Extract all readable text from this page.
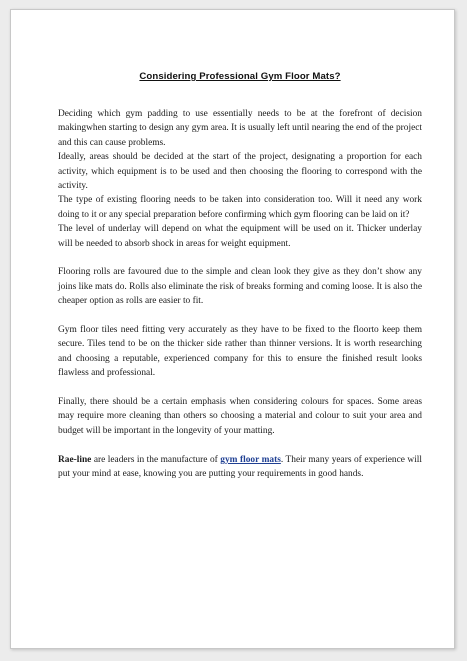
Considering Professional Gym Floor Mats?

Deciding which gym padding to use essentially needs to be at the forefront of decision makingwhen starting to design any gym area. It is usually left until nearing the end of the project and this can cause problems.

Ideally, areas should be decided at the start of the project, designating a proportion for each activity, which equipment is to be used and then choosing the flooring to correspond with the activity.

The type of existing flooring needs to be taken into consideration too. Will it need any work doing to it or any special preparation before confirming which gym flooring can be laid on it?

The level of underlay will depend on what the equipment will be used on it. Thicker underlay will be needed to absorb shock in areas for weight equipment.

Flooring rolls are favoured due to the simple and clean look they give as they don’t show any joins like mats do. Rolls also eliminate the risk of breaks forming and coming loose. It is also the cheaper option as rolls are easier to fit.

Gym floor tiles need fitting very accurately as they have to be fixed to the floorto keep them secure. Tiles tend to be on the thicker side rather than thinner versions. It is worth researching and choosing a reputable, experienced company for this to ensure the finished result looks flawless and professional.

Finally, there should be a certain emphasis when considering colours for spaces. Some areas may require more cleaning than others so choosing a material and colour to suit your area and budget will be important in the longevity of your matting.

Rae-line are leaders in the manufacture of gym floor mats. Their many years of experience will put your mind at ease, knowing you are putting your requirements in good hands.
